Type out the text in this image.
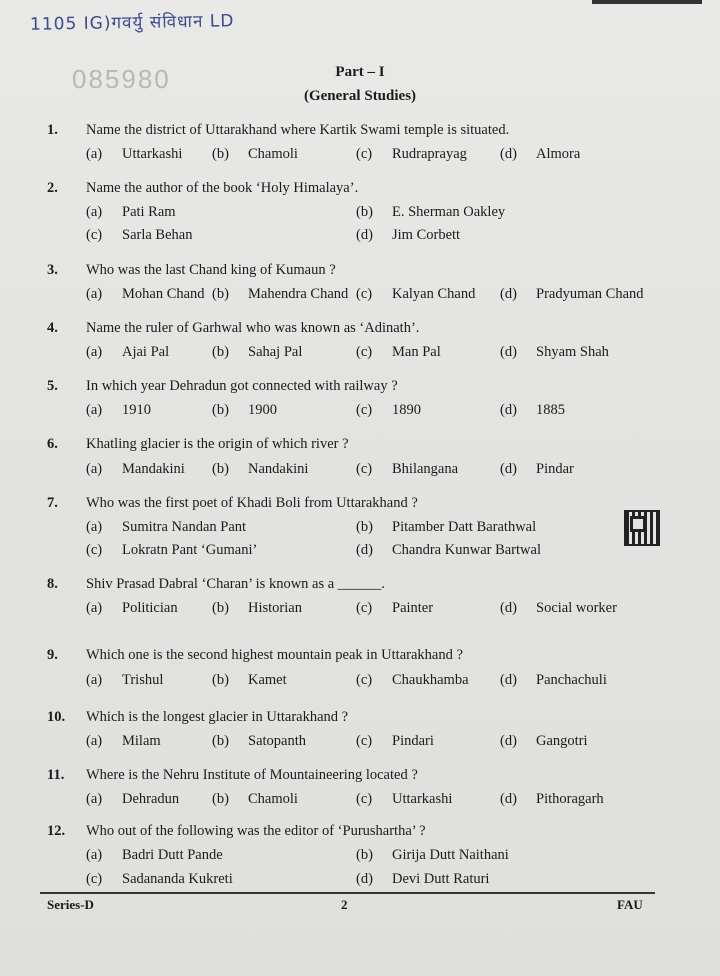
1105 IG)गवर्यु संविधान LD
085980	Part – I
(General Studies)
1. Name the district of Uttarakhand where Kartik Swami temple is situated.
(a) Uttarkashi (b) Chamoli	(c) Rudraprayag (d) Almora
2. Name the author of the book ‘Holy Himalaya’.
(a) Pati Ram	(b) E. Sherman Oakley
(c) Sarla Behan	(d) Jim Corbett
3. Who was the last Chand king of Kumaun ?
(a) Mohan Chand (b) Mahendra Chand (c) Kalyan Chand (d) Pradyuman Chand
4. Name the ruler of Garhwal who was known as ‘Adinath’.
(a) Ajai Pal	(b) Sahaj Pal	(c) Man Pal	(d) Shyam Shah
5. In which year Dehradun got connected with railway ?
(a) 1910	(b) 1900	(c) 1890	(d) 1885
6. Khatling glacier is the origin of which river ?
(a) Mandakini (b) Nandakini	(c) Bhilangana	(d) Pindar
7. Who was the first poet of Khadi Boli from Uttarakhand ?
(a) Sumitra Nandan Pant	(b) Pitamber Datt Barathwal
(c) Lokratn Pant ‘Gumani’	(d) Chandra Kunwar Bartwal
8. Shiv Prasad Dabral ‘Charan’ is known as a ______.
(a) Politician (b) Historian	(c) Painter	(d) Social worker
9. Which one is the second highest mountain peak in Uttarakhand ?
(a) Trishul	(b) Kamet	(c) Chaukhamba (d) Panchachuli
10. Which is the longest glacier in Uttarakhand ?
(a) Milam	(b) Satopanth	(c) Pindari	(d) Gangotri
11. Where is the Nehru Institute of Mountaineering located ?
(a) Dehradun (b) Chamoli	(c) Uttarkashi	(d) Pithoragarh
12. Who out of the following was the editor of ‘Purushartha’ ?
(a) Badri Dutt Pande	(b) Girija Dutt Naithani
(c) Sadananda Kukreti	(d) Devi Dutt Raturi
Series-D	2	FAU
